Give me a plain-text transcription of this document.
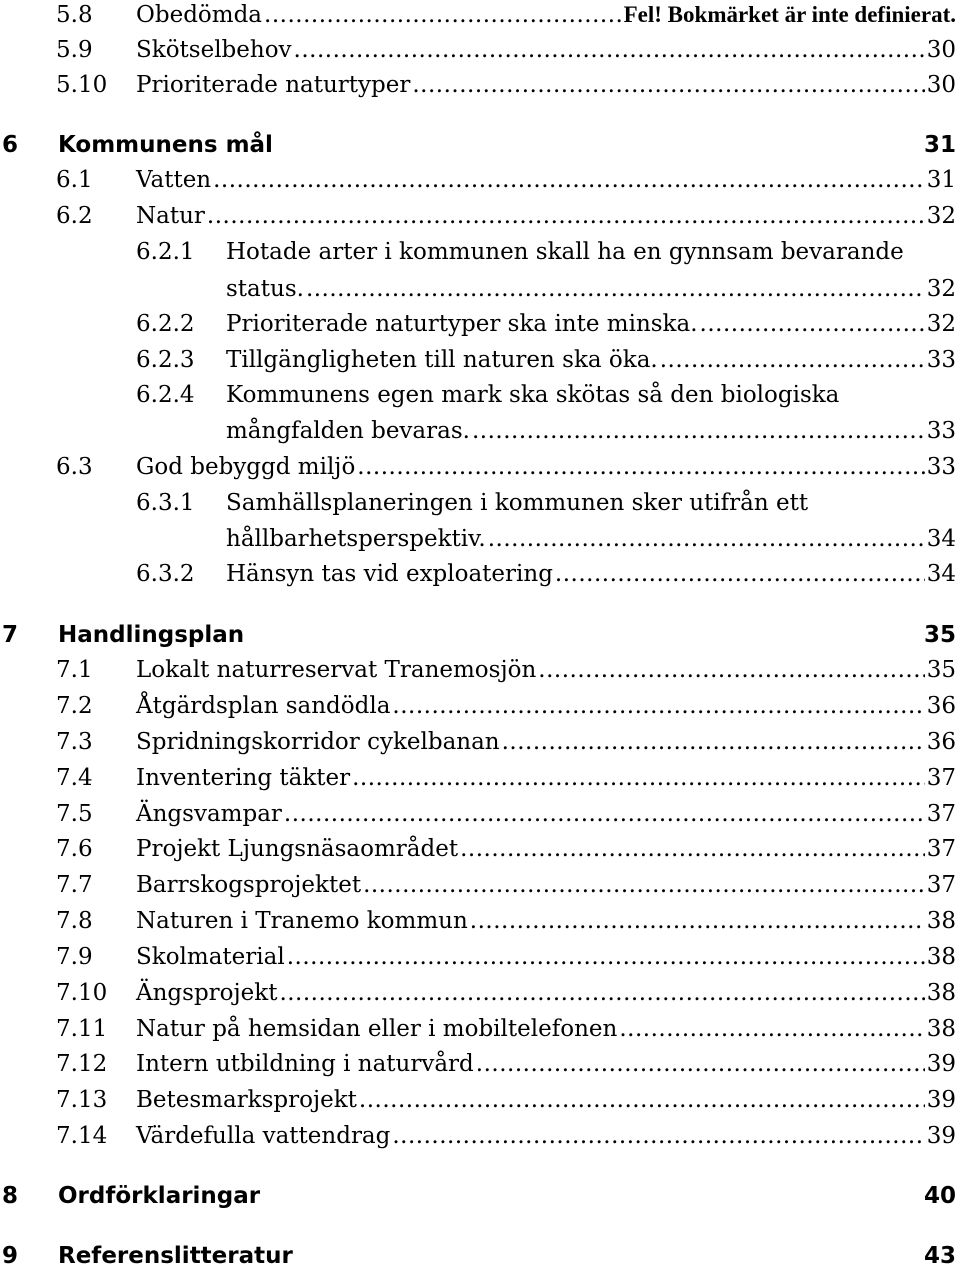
5.8	Obedömda .....	Fel! Bokmärket är inte definierat.
5.9	Skötselbehov .....	30
5.10	Prioriterade naturtyper .....	30
6	Kommunens mål	31
6.1	Vatten .....	31
6.2	Natur .....	32
6.2.1 Hotade arter i kommunen skall ha en gynnsam bevarande
status. .....	32
6.2.2	Prioriterade naturtyper ska inte minska. .....	32
6.2.3	Tillgängligheten till naturen ska öka. .....	33
6.2.4 Kommunens egen mark ska skötas så den biologiska
mångfalden bevaras. .....	33
6.3	God bebyggd miljö .....	33
6.3.1 Samhällsplaneringen i kommunen sker utifrån ett
hållbarhetsperspektiv. .....	34
6.3.2	Hänsyn tas vid exploatering .....	34
7	Handlingsplan	35
7.1	Lokalt naturreservat Tranemosjön .....	35
7.2	Åtgärdsplan sandödla .....	36
7.3	Spridningskorridor cykelbanan .....	36
7.4	Inventering täkter .....	37
7.5	Ängsvampar .....	37
7.6	Projekt Ljungsnäsaområdet .....	37
7.7	Barrskogsprojektet .....	37
7.8	Naturen i Tranemo kommun .....	38
7.9	Skolmaterial .....	38
7.10	Ängsprojekt .....	38
7.11	Natur på hemsidan eller i mobiltelefonen .....	38
7.12	Intern utbildning i naturvård .....	39
7.13	Betesmarksprojekt .....	39
7.14	Värdefulla vattendrag .....	39
8	Ordförklaringar	40
9	Referenslitteratur	43
